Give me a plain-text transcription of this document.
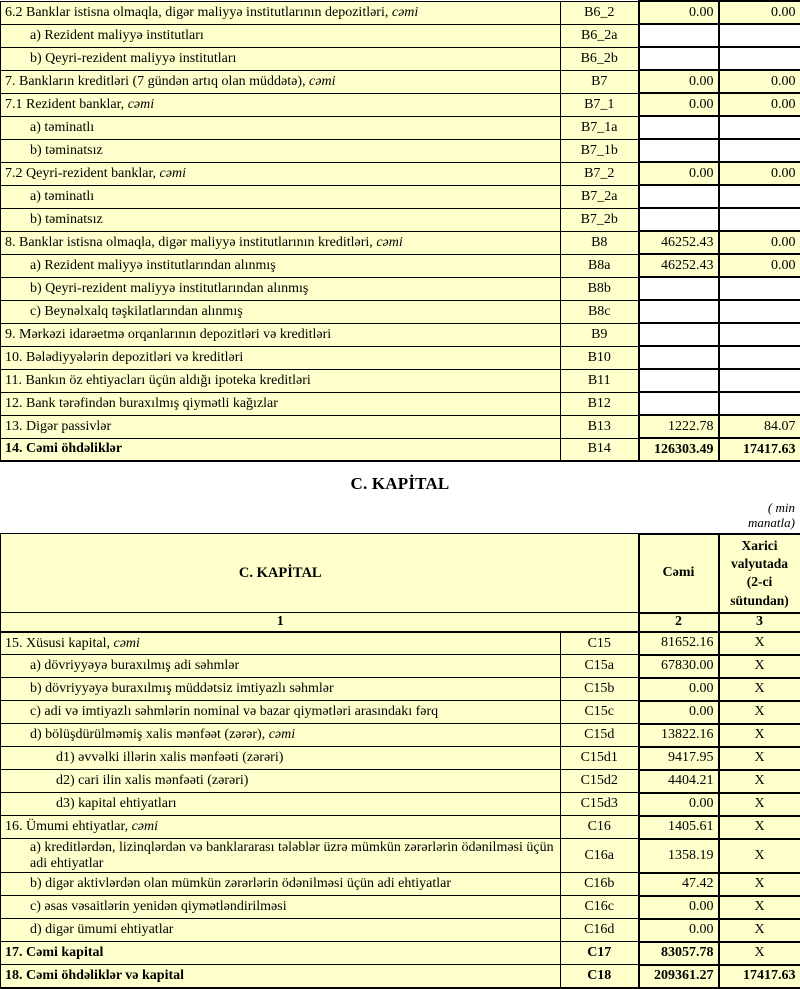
6.2 Banklar istisna olmaqla, digər maliyyə institutlarının depozitləri, cəmi	B6_2	0.00	0.00
a) Rezident maliyyə institutları	B6_2a		
b) Qeyri-rezident maliyyə institutları	B6_2b		
7. Bankların kreditləri (7 gündən artıq olan müddətə), cəmi	B7	0.00	0.00
7.1 Rezident banklar, cəmi	B7_1	0.00	0.00
a) təminatlı	B7_1a		
b) təminatsız	B7_1b		
7.2 Qeyri-rezident banklar, cəmi	B7_2	0.00	0.00
a) təminatlı	B7_2a		
b) təminatsız	B7_2b		
8. Banklar istisna olmaqla, digər maliyyə institutlarının kreditləri, cəmi	B8	46252.43	0.00
a) Rezident maliyyə institutlarından alınmış	B8a	46252.43	0.00
b) Qeyri-rezident maliyyə institutlarından alınmış	B8b		
c) Beynəlxalq təşkilatlarından alınmış	B8c		
9. Mərkəzi idarəetmə orqanlarının depozitləri və kreditləri	B9		
10. Bələdiyyələrin depozitləri və kreditləri	B10		
11. Bankın öz ehtiyacları üçün aldığı ipoteka kreditləri	B11		
12. Bank tərəfindən buraxılmış qiymətli kağızlar	B12		
13. Digər passivlər	B13	1222.78	84.07
14. Cəmi öhdəliklər	B14	126303.49	17417.63
C. KAPİTAL
( min
manatla)
C. KAPİTAL		Cəmi	Xarici valyutada (2-ci sütundan)
1		2	3
15. Xüsusi kapital, cəmi	C15	81652.16	X
a) dövriyyəyə buraxılmış adi səhmlər	C15a	67830.00	X
b) dövriyyəyə buraxılmış müddətsiz imtiyazlı səhmlər	C15b	0.00	X
c) adi və imtiyazlı səhmlərin nominal və bazar qiymətləri arasındakı fərq	C15c	0.00	X
d) bölüşdürülməmiş xalis mənfəət (zərər), cəmi	C15d	13822.16	X
d1) əvvəlki illərin xalis mənfəəti (zərəri)	C15d1	9417.95	X
d2) cari ilin xalis mənfəəti (zərəri)	C15d2	4404.21	X
d3) kapital ehtiyatları	C15d3	0.00	X
16. Ümumi ehtiyatlar, cəmi	C16	1405.61	X
a) kreditlərdən, lizinqlərdən və banklararası tələblər üzrə mümkün zərərlərin ödənilməsi üçün adi ehtiyatlar	C16a	1358.19	X
b) digər aktivlərdən olan mümkün zərərlərin ödənilməsi üçün adi ehtiyatlar	C16b	47.42	X
c) əsas vəsaitlərin yenidən qiymətləndirilməsi	C16c	0.00	X
d) digər ümumi ehtiyatlar	C16d	0.00	X
17. Cəmi kapital	C17	83057.78	X
18. Cəmi öhdəliklər və kapital	C18	209361.27	17417.63
